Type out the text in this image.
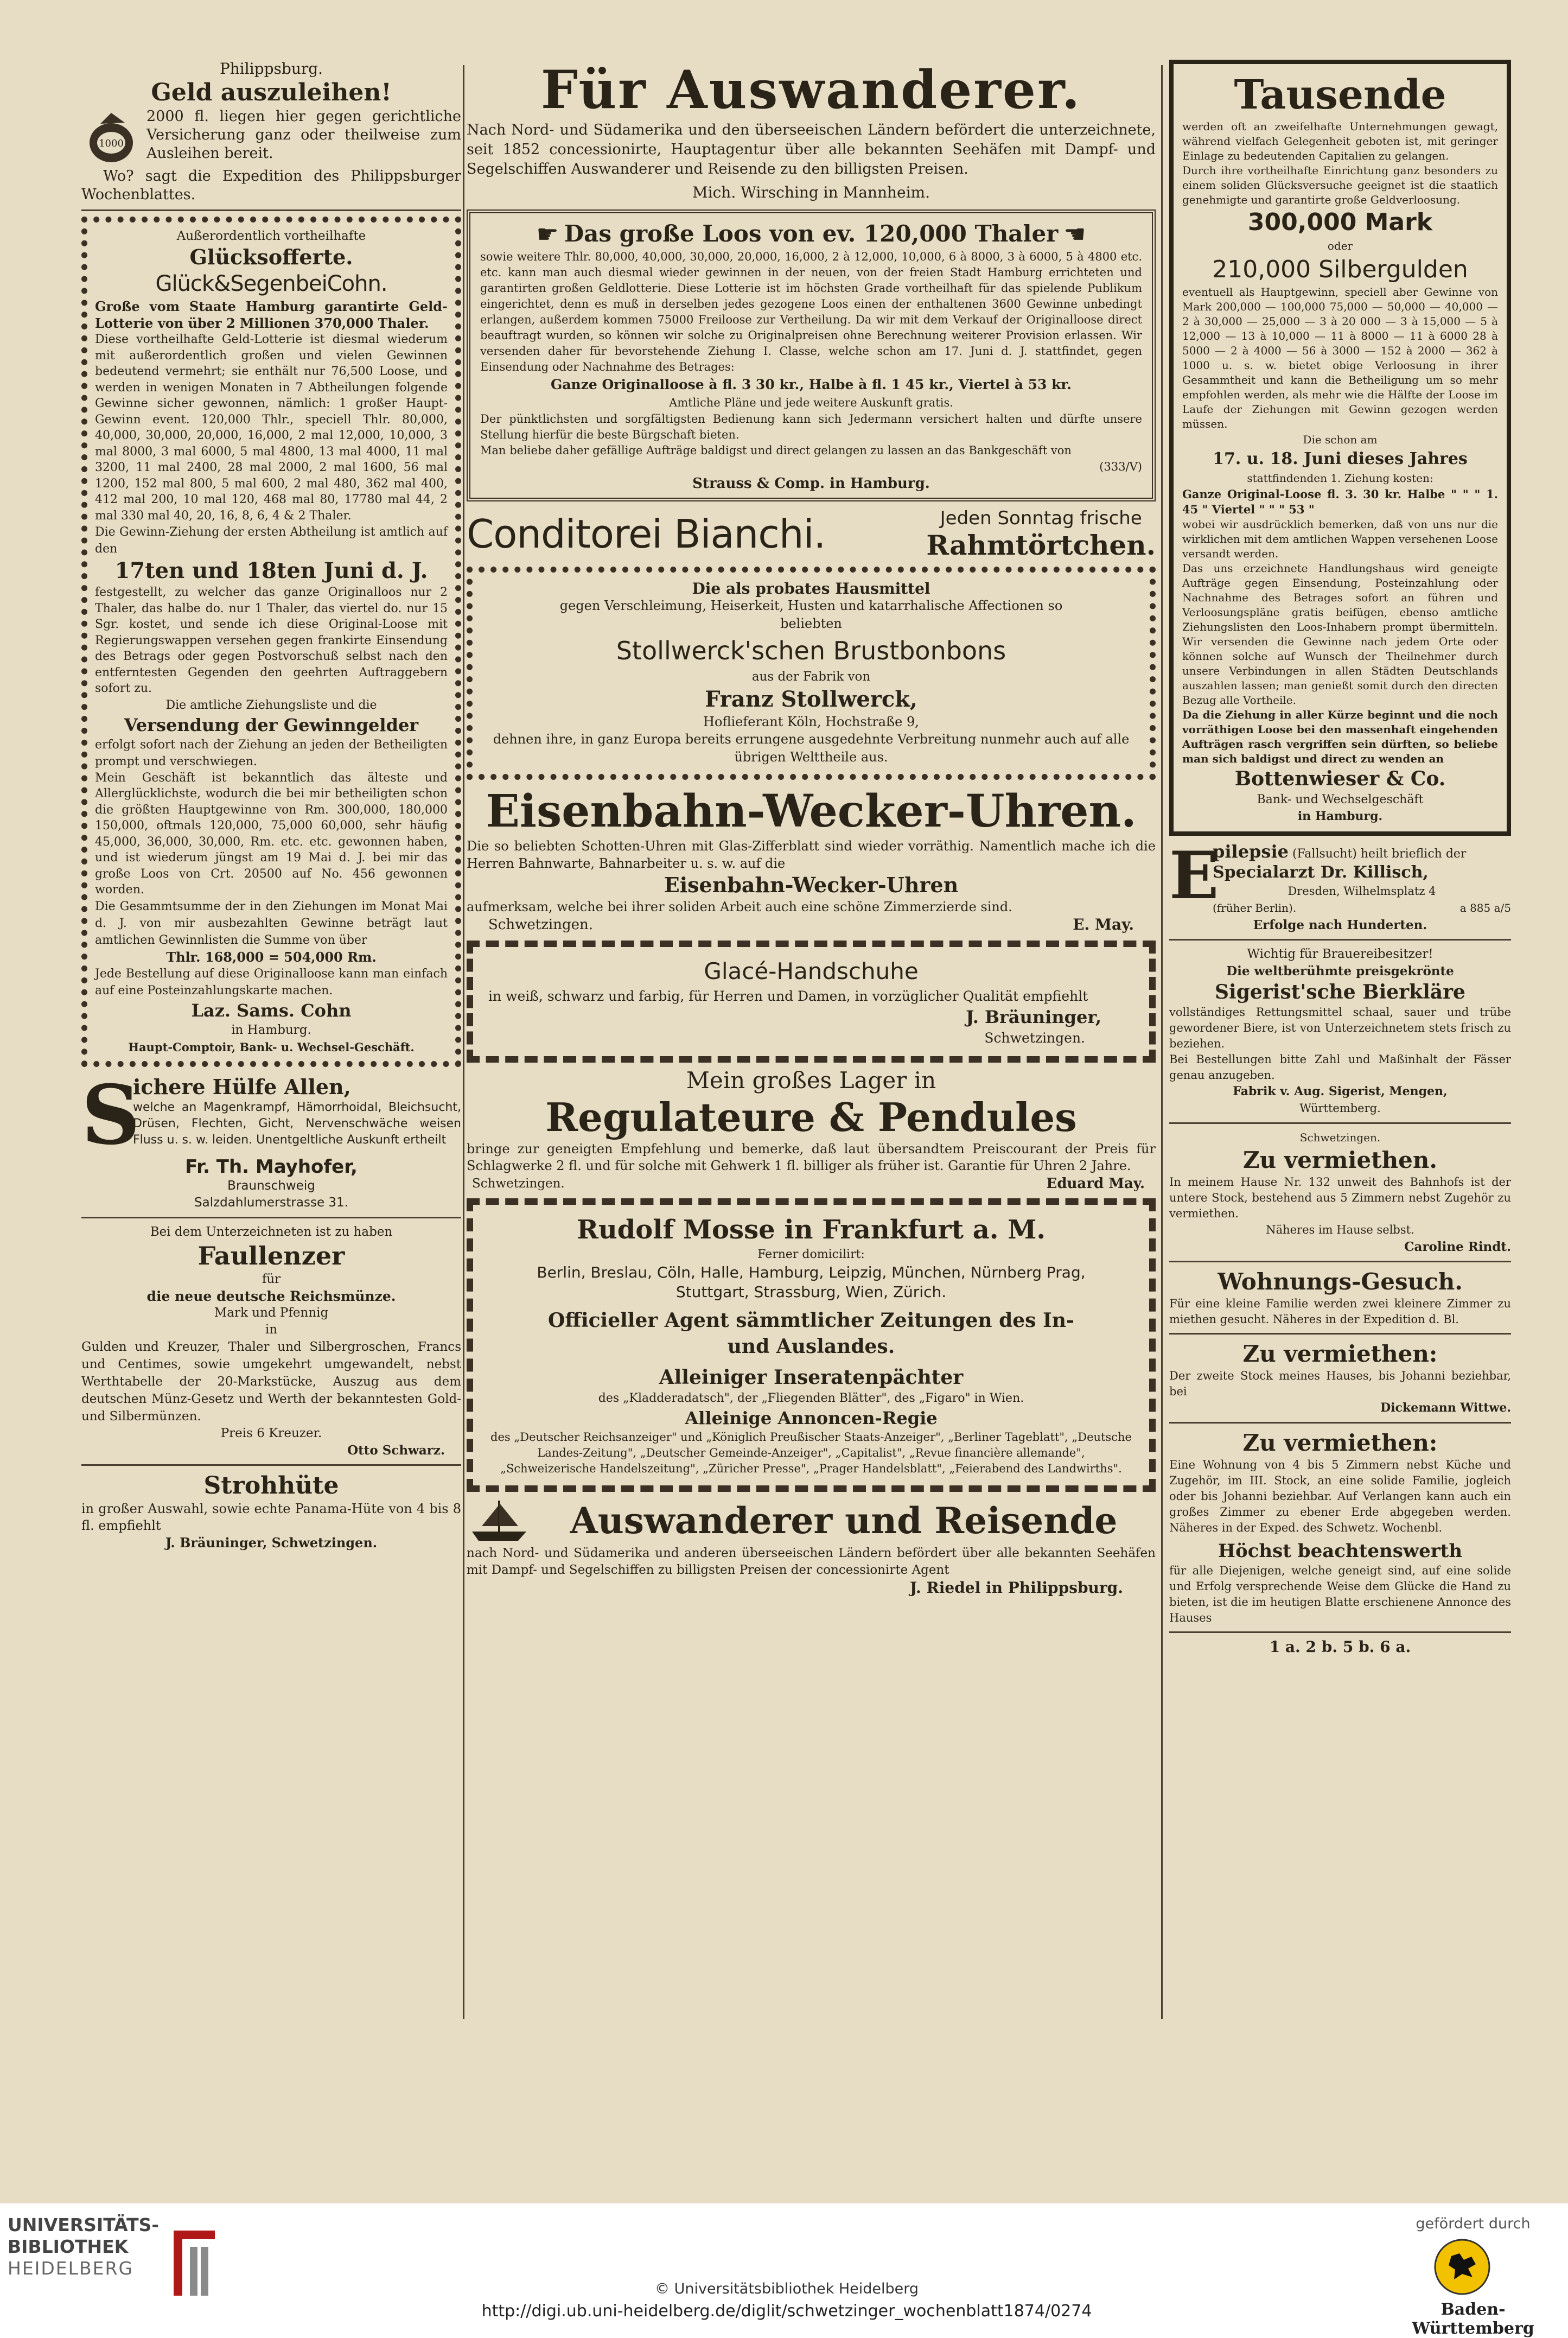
Philippsburg.

Geld auszuleihen!

1000

2000 fl. liegen hier gegen gerichtliche Versicherung ganz oder theilweise zum Ausleihen bereit.

Wo? sagt die Expedition des Philippsburger Wochenblattes.

Außerordentlich vortheilhafte

Glücksofferte.

Glück&SegenbeiCohn.

Große vom Staate Hamburg garantirte Geld-Lotterie von über 2 Millionen 370,000 Thaler.

Diese vortheilhafte Geld-Lotterie ist diesmal wiederum mit außerordentlich großen und vielen Gewinnen bedeutend vermehrt; sie enthält nur 76,500 Loose, und werden in wenigen Monaten in 7 Abtheilungen folgende Gewinne sicher gewonnen, nämlich: 1 großer Haupt-Gewinn event. 120,000 Thlr., speciell Thlr. 80,000, 40,000, 30,000, 20,000, 16,000, 2 mal 12,000, 10,000, 3 mal 8000, 3 mal 6000, 5 mal 4800, 13 mal 4000, 11 mal 3200, 11 mal 2400, 28 mal 2000, 2 mal 1600, 56 mal 1200, 152 mal 800, 5 mal 600, 2 mal 480, 362 mal 400, 412 mal 200, 10 mal 120, 468 mal 80, 17780 mal 44, 2 mal 330 mal 40, 20, 16, 8, 6, 4 & 2 Thaler.

Die Gewinn-Ziehung der ersten Abtheilung ist amtlich auf den

17ten und 18ten Juni d. J.

festgestellt, zu welcher das ganze Originalloos nur 2 Thaler, das halbe do. nur 1 Thaler, das viertel do. nur 15 Sgr. kostet, und sende ich diese Original-Loose mit Regierungswappen versehen gegen frankirte Einsendung des Betrags oder gegen Postvorschuß selbst nach den entferntesten Gegenden den geehrten Auftraggebern sofort zu.

Die amtliche Ziehungsliste und die

Versendung der Gewinngelder

erfolgt sofort nach der Ziehung an jeden der Betheiligten prompt und verschwiegen.

Mein Geschäft ist bekanntlich das älteste und Allerglücklichste, wodurch die bei mir betheiligten schon die größten Hauptgewinne von Rm. 300,000, 180,000 150,000, oftmals 120,000, 75,000 60,000, sehr häufig 45,000, 36,000, 30,000, Rm. etc. etc. gewonnen haben, und ist wiederum jüngst am 19 Mai d. J. bei mir das große Loos von Crt. 20500 auf No. 456 gewonnen worden.

Die Gesammtsumme der in den Ziehungen im Monat Mai d. J. von mir ausbezahlten Gewinne beträgt laut amtlichen Gewinnlisten die Summe von über

Thlr. 168,000 = 504,000 Rm.

Jede Bestellung auf diese Originalloose kann man einfach auf eine Posteinzahlungskarte machen.

Laz. Sams. Cohn

in Hamburg.

Haupt-Comptoir, Bank- u. Wechsel-Geschäft.

S

ichere Hülfe Allen,

welche an Magenkrampf, Hämorrhoidal, Bleichsucht, Drüsen, Flechten, Gicht, Nervenschwäche weisen Fluss u. s. w. leiden. Unentgeltliche Auskunft ertheilt

Fr. Th. Mayhofer,

Braunschweig

Salzdahlumerstrasse 31.

Bei dem Unterzeichneten ist zu haben

Faullenzer

für

die neue deutsche Reichsmünze.

Mark und Pfennig

in

Gulden und Kreuzer, Thaler und Silbergroschen, Francs und Centimes, sowie umgekehrt umgewandelt, nebst Werthtabelle der 20-Markstücke, Auszug aus dem deutschen Münz-Gesetz und Werth der bekanntesten Gold- und Silbermünzen.

Preis 6 Kreuzer.

Otto Schwarz.

Strohhüte

in großer Auswahl, sowie echte Panama-Hüte von 4 bis 8 fl. empfiehlt

J. Bräuninger, Schwetzingen.

Für Auswanderer.

Nach Nord- und Südamerika und den überseeischen Ländern befördert die unterzeichnete, seit 1852 concessionirte, Hauptagentur über alle bekannten Seehäfen mit Dampf- und Segelschiffen Auswanderer und Reisende zu den billigsten Preisen.

Mich. Wirsching in Mannheim.

☛ Das große Loos von ev. 120,000 Thaler ☚

sowie weitere Thlr. 80,000, 40,000, 30,000, 20,000, 16,000, 2 à 12,000, 10,000, 6 à 8000, 3 à 6000, 5 à 4800 etc. etc. kann man auch diesmal wieder gewinnen in der neuen, von der freien Stadt Hamburg errichteten und garantirten großen Geldlotterie. Diese Lotterie ist im höchsten Grade vortheilhaft für das spielende Publikum eingerichtet, denn es muß in derselben jedes gezogene Loos einen der enthaltenen 3600 Gewinne unbedingt erlangen, außerdem kommen 75000 Freiloose zur Vertheilung. Da wir mit dem Verkauf der Originalloose direct beauftragt wurden, so können wir solche zu Originalpreisen ohne Berechnung weiterer Provision erlassen. Wir versenden daher für bevorstehende Ziehung I. Classe, welche schon am 17. Juni d. J. stattfindet, gegen Einsendung oder Nachnahme des Betrages:

Ganze Originalloose à fl. 3 30 kr., Halbe à fl. 1 45 kr., Viertel à 53 kr.

Amtliche Pläne und jede weitere Auskunft gratis.

Der pünktlichsten und sorgfältigsten Bedienung kann sich Jedermann versichert halten und dürfte unsere Stellung hierfür die beste Bürgschaft bieten.

Man beliebe daher gefällige Aufträge baldigst und direct gelangen zu lassen an das Bankgeschäft von

(333/V)

Strauss & Comp. in Hamburg.

Conditorei Bianchi.	Jeden Sonntag frische

Rahmtörtchen.

Die als probates Hausmittel

gegen Verschleimung, Heiserkeit, Husten und katarrhalische Affectionen so beliebten

Stollwerck'schen Brustbonbons

aus der Fabrik von

Franz Stollwerck,

Hoflieferant Köln, Hochstraße 9,

dehnen ihre, in ganz Europa bereits errungene ausgedehnte Verbreitung nunmehr auch auf alle übrigen Welttheile aus.

Eisenbahn-Wecker-Uhren.

Die so beliebten Schotten-Uhren mit Glas-Zifferblatt sind wieder vorräthig. Namentlich mache ich die Herren Bahnwarte, Bahnarbeiter u. s. w. auf die

Eisenbahn-Wecker-Uhren

aufmerksam, welche bei ihrer soliden Arbeit auch eine schöne Zimmerzierde sind.

Schwetzingen.	E. May.

Glacé-Handschuhe

in weiß, schwarz und farbig, für Herren und Damen, in vorzüglicher Qualität empfiehlt

J. Bräuninger,

Schwetzingen.

Mein großes Lager in

Regulateure & Pendules

bringe zur geneigten Empfehlung und bemerke, daß laut übersandtem Preiscourant der Preis für Schlagwerke 2 fl. und für solche mit Gehwerk 1 fl. billiger als früher ist. Garantie für Uhren 2 Jahre.

Schwetzingen.	Eduard May.

Rudolf Mosse in Frankfurt a. M.

Ferner domicilirt:

Berlin, Breslau, Cöln, Halle, Hamburg, Leipzig, München, Nürnberg Prag, Stuttgart, Strassburg, Wien, Zürich.

Officieller Agent sämmtlicher Zeitungen des In- und Auslandes.

Alleiniger Inseratenpächter

des „Kladderadatsch", der „Fliegenden Blätter", des „Figaro" in Wien.

Alleinige Annoncen-Regie

des „Deutscher Reichsanzeiger" und „Königlich Preußischer Staats-Anzeiger", „Berliner Tageblatt", „Deutsche Landes-Zeitung", „Deutscher Gemeinde-Anzeiger", „Capitalist", „Revue financière allemande", „Schweizerische Handelszeitung", „Züricher Presse", „Prager Handelsblatt", „Feierabend des Landwirths".

Auswanderer und Reisende

nach Nord- und Südamerika und anderen überseeischen Ländern befördert über alle bekannten Seehäfen mit Dampf- und Segelschiffen zu billigsten Preisen der concessionirte Agent

J. Riedel in Philippsburg.

Tausende

werden oft an zweifelhafte Unternehmungen gewagt, während vielfach Gelegenheit geboten ist, mit geringer Einlage zu bedeutenden Capitalien zu gelangen.

Durch ihre vortheilhafte Einrichtung ganz besonders zu einem soliden Glücksversuche geeignet ist die staatlich genehmigte und garantirte große Geldverloosung.

300,000 Mark

oder

210,000 Silbergulden

eventuell als Hauptgewinn, speciell aber Gewinne von Mark 200,000 — 100,000 75,000 — 50,000 — 40,000 — 2 à 30,000 — 25,000 — 3 à 20 000 — 3 à 15,000 — 5 à 12,000 — 13 à 10,000 — 11 à 8000 — 11 à 6000 28 à 5000 — 2 à 4000 — 56 à 3000 — 152 à 2000 — 362 à 1000 u. s. w. bietet obige Verloosung in ihrer Gesammtheit und kann die Betheiligung um so mehr empfohlen werden, als mehr wie die Hälfte der Loose im Laufe der Ziehungen mit Gewinn gezogen werden müssen.

Die schon am

17. u. 18. Juni dieses Jahres

stattfindenden 1. Ziehung kosten:

Ganze Original-Loose fl. 3. 30 kr. Halbe " " " 1. 45 " Viertel " " " 53 "

wobei wir ausdrücklich bemerken, daß von uns nur die wirklichen mit dem amtlichen Wappen versehenen Loose versandt werden.

Das uns erzeichnete Handlungshaus wird geneigte Aufträge gegen Einsendung, Posteinzahlung oder Nachnahme des Betrages sofort an führen und Verloosungspläne gratis beifügen, ebenso amtliche Ziehungslisten den Loos-Inhabern prompt übermitteln. Wir versenden die Gewinne nach jedem Orte oder können solche auf Wunsch der Theilnehmer durch unsere Verbindungen in allen Städten Deutschlands auszahlen lassen; man genießt somit durch den directen Bezug alle Vortheile.

Da die Ziehung in aller Kürze beginnt und die noch vorräthigen Loose bei den massenhaft eingehenden Aufträgen rasch vergriffen sein dürften, so beliebe man sich baldigst und direct zu wenden an

Bottenwieser & Co.

Bank- und Wechselgeschäft

in Hamburg.

E

pilepsie (Fallsucht) heilt brieflich der

Specialarzt Dr. Killisch,

Dresden, Wilhelmsplatz 4

(früher Berlin).	a 885 a/5

Erfolge nach Hunderten.

Wichtig für Brauereibesitzer!

Die weltberühmte preisgekrönte

Sigerist'sche Bierkläre

vollständiges Rettungsmittel schaal, sauer und trübe gewordener Biere, ist von Unterzeichnetem stets frisch zu beziehen.

Bei Bestellungen bitte Zahl und Maßinhalt der Fässer genau anzugeben.

Fabrik v. Aug. Sigerist, Mengen,

Württemberg.

Schwetzingen.

Zu vermiethen.

In meinem Hause Nr. 132 unweit des Bahnhofs ist der untere Stock, bestehend aus 5 Zimmern nebst Zugehör zu vermiethen.

Näheres im Hause selbst.

Caroline Rindt.

Wohnungs-Gesuch.

Für eine kleine Familie werden zwei kleinere Zimmer zu miethen gesucht. Näheres in der Expedition d. Bl.

Zu vermiethen:

Der zweite Stock meines Hauses, bis Johanni beziehbar, bei

Dickemann Wittwe.

Zu vermiethen:

Eine Wohnung von 4 bis 5 Zimmern nebst Küche und Zugehör, im III. Stock, an eine solide Familie, jogleich oder bis Johanni beziehbar. Auf Verlangen kann auch ein großes Zimmer zu ebener Erde abgegeben werden. Näheres in der Exped. des Schwetz. Wochenbl.

Höchst beachtenswerth

für alle Diejenigen, welche geneigt sind, auf eine solide und Erfolg versprechende Weise dem Glücke die Hand zu bieten, ist die im heutigen Blatte erschienene Annonce des Hauses

1 a. 2 b. 5 b. 6 a.

UNIVERSITÄTS-
BIBLIOTHEK
HEIDELBERG
© Universitätsbibliothek Heidelberg
http://digi.ub.uni-heidelberg.de/diglit/schwetzinger_wochenblatt1874/0274
gefördert durch
Baden-Württemberg
